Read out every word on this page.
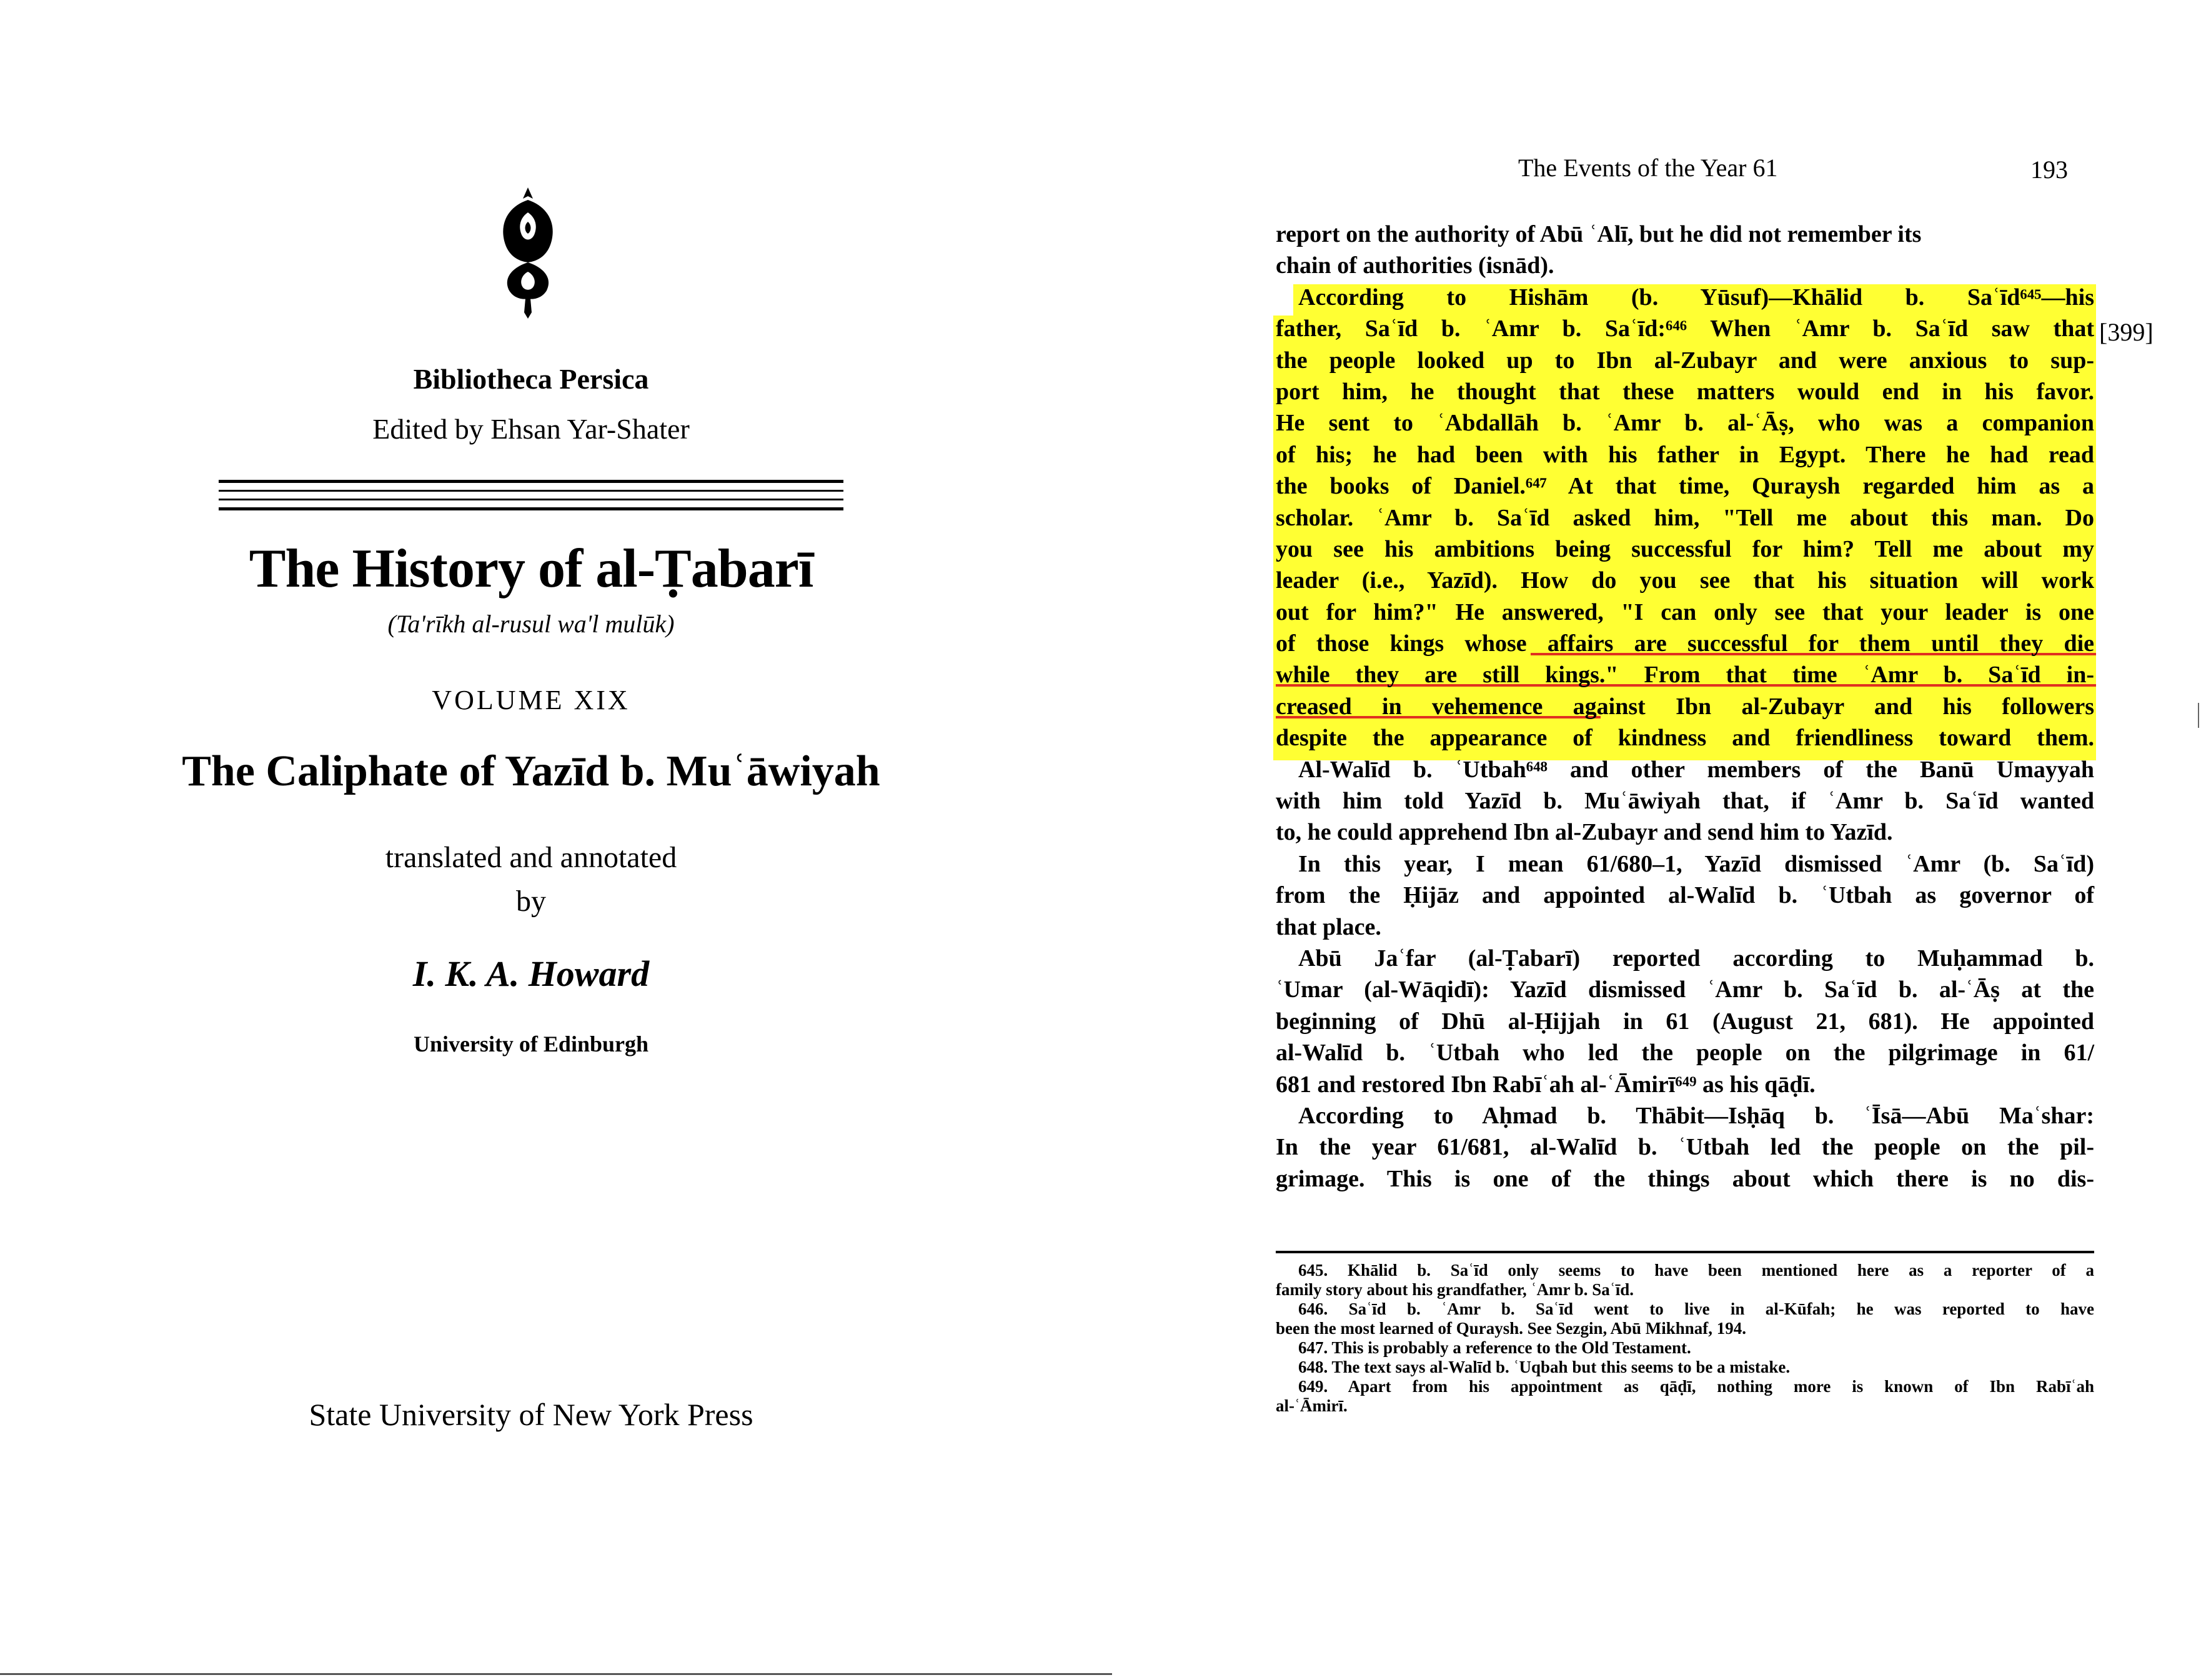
Bibliotheca Persica
Edited by Ehsan Yar-Shater
The History of al-Ṭabarī
(Ta'rīkh al-rusul wa'l mulūk)
VOLUME XIX
The Caliphate of Yazīd b. Muʿāwiyah
translated and annotated
by
I. K. A. Howard
University of Edinburgh
State University of New York Press
The Events of the Year 61	193
[399]
report on the authority of Abū ʿAlī, but he did not remember its
chain of authorities (isnād).
According to Hishām (b. Yūsuf)—Khālid b. Saʿīd⁶⁴⁵—his
father, Saʿīd b. ʿAmr b. Saʿīd:⁶⁴⁶ When ʿAmr b. Saʿīd saw that
the people looked up to Ibn al-Zubayr and were anxious to sup-
port him, he thought that these matters would end in his favor.
He sent to ʿAbdallāh b. ʿAmr b. al-ʿĀṣ, who was a companion
of his; he had been with his father in Egypt. There he had read
the books of Daniel.⁶⁴⁷ At that time, Quraysh regarded him as a
scholar. ʿAmr b. Saʿīd asked him, "Tell me about this man. Do
you see his ambitions being successful for him? Tell me about my
leader (i.e., Yazīd). How do you see that his situation will work
out for him?" He answered, "I can only see that your leader is one
of those kings whose affairs are successful for them until they die
while they are still kings." From that time ʿAmr b. Saʿīd in-
creased in vehemence against Ibn al-Zubayr and his followers
despite the appearance of kindness and friendliness toward them.
Al-Walīd b. ʿUtbah⁶⁴⁸ and other members of the Banū Umayyah
with him told Yazīd b. Muʿāwiyah that, if ʿAmr b. Saʿīd wanted
to, he could apprehend Ibn al-Zubayr and send him to Yazīd.
In this year, I mean 61/680–1, Yazīd dismissed ʿAmr (b. Saʿīd)
from the Ḥijāz and appointed al-Walīd b. ʿUtbah as governor of
that place.
Abū Jaʿfar (al-Ṭabarī) reported according to Muḥammad b.
ʿUmar (al-Wāqidī): Yazīd dismissed ʿAmr b. Saʿīd b. al-ʿĀṣ at the
beginning of Dhū al-Ḥijjah in 61 (August 21, 681). He appointed
al-Walīd b. ʿUtbah who led the people on the pilgrimage in 61/
681 and restored Ibn Rabīʿah al-ʿĀmirī⁶⁴⁹ as his qāḍī.
According to Aḥmad b. Thābit—Isḥāq b. ʿĪsā—Abū Maʿshar:
In the year 61/681, al-Walīd b. ʿUtbah led the people on the pil-
grimage. This is one of the things about which there is no dis-
645. Khālid b. Saʿīd only seems to have been mentioned here as a reporter of a
family story about his grandfather, ʿAmr b. Saʿīd.
646. Saʿīd b. ʿAmr b. Saʿīd went to live in al-Kūfah; he was reported to have
been the most learned of Quraysh. See Sezgin, Abū Mikhnaf, 194.
647. This is probably a reference to the Old Testament.
648. The text says al-Walīd b. ʿUqbah but this seems to be a mistake.
649. Apart from his appointment as qāḍī, nothing more is known of Ibn Rabīʿah
al-ʿĀmirī.
